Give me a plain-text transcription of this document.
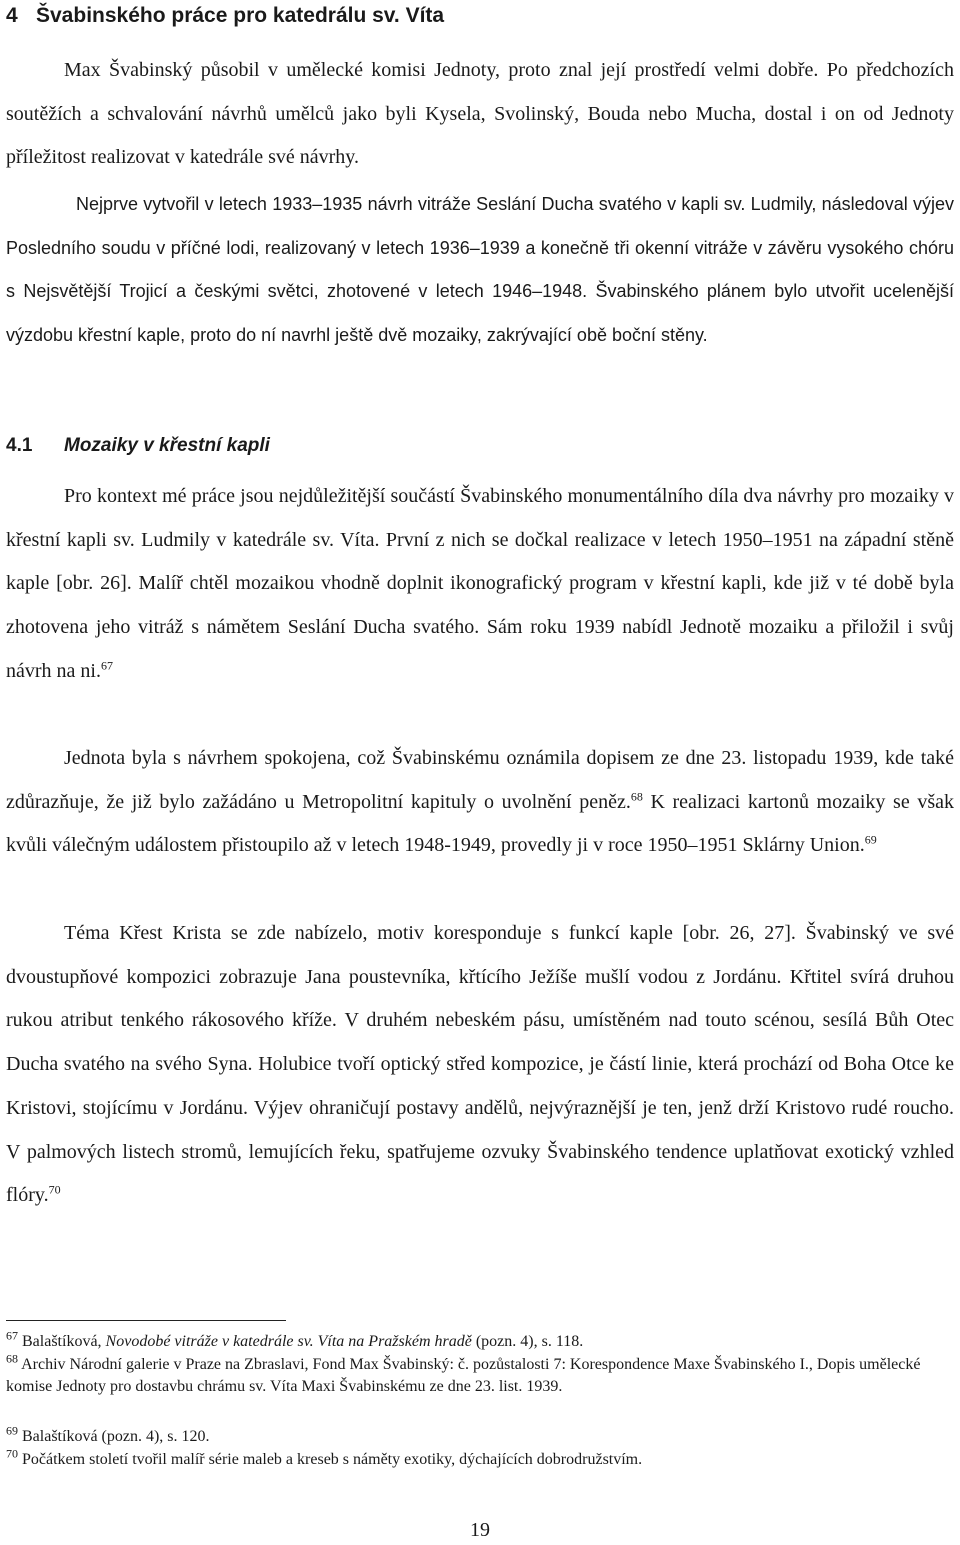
4 Švabinského práce pro katedrálu sv. Víta

Max Švabinský působil v umělecké komisi Jednoty, proto znal její prostředí velmi dobře. Po předchozích soutěžích a schvalování návrhů umělců jako byli Kysela, Svolinský, Bouda nebo Mucha, dostal i on od Jednoty příležitost realizovat v katedrále své návrhy.

Nejprve vytvořil v letech 1933–1935 návrh vitráže Seslání Ducha svatého v kapli sv. Ludmily, následoval výjev Posledního soudu v příčné lodi, realizovaný v letech 1936–1939 a konečně tři okenní vitráže v závěru vysokého chóru s Nejsvětější Trojicí a českými světci, zhotovené v letech 1946–1948. Švabinského plánem bylo utvořit ucelenější výzdobu křestní kaple, proto do ní navrhl ještě dvě mozaiky, zakrývající obě boční stěny.

4.1 Mozaiky v křestní kapli

Pro kontext mé práce jsou nejdůležitější součástí Švabinského monumentálního díla dva návrhy pro mozaiky v křestní kapli sv. Ludmily v katedrále sv. Víta. První z nich se dočkal realizace v letech 1950–1951 na západní stěně kaple [obr. 26]. Malíř chtěl mozaikou vhodně doplnit ikonografický program v křestní kapli, kde již v té době byla zhotovena jeho vitráž s námětem Seslání Ducha svatého. Sám roku 1939 nabídl Jednotě mozaiku a přiložil i svůj návrh na ni.$^{67}$

Jednota byla s návrhem spokojena, což Švabinskému oznámila dopisem ze dne 23. listopadu 1939, kde také zdůrazňuje, že již bylo zažádáno u Metropolitní kapituly o uvolnění peněz.$^{68}$ K realizaci kartonů mozaiky se však kvůli válečným událostem přistoupilo až v letech 1948-1949, provedly ji v roce 1950–1951 Sklárny Union.$^{69}$

Téma Křest Krista se zde nabízelo, motiv koresponduje s funkcí kaple [obr. 26, 27]. Švabinský ve své dvoustupňové kompozici zobrazuje Jana poustevníka, křtícího Ježíše mušlí vodou z Jordánu. Křtitel svírá druhou rukou atribut tenkého rákosového kříže. V druhém nebeském pásu, umístěném nad touto scénou, sesílá Bůh Otec Ducha svatého na svého Syna. Holubice tvoří optický střed kompozice, je částí linie, která prochází od Boha Otce ke Kristovi, stojícímu v Jordánu. Výjev ohraničují postavy andělů, nejvýraznější je ten, jenž drží Kristovo rudé roucho. V palmových listech stromů, lemujících řeku, spatřujeme ozvuky Švabinského tendence uplatňovat exotický vzhled flóry.$^{70}$

$^{67}$ Balaštíková, Novodobé vitráže v katedrále sv. Víta na Pražském hradě (pozn. 4), s. 118.

$^{68}$ Archiv Národní galerie v Praze na Zbraslavi, Fond Max Švabinský: č. pozůstalosti 7: Korespondence Maxe Švabinského I., Dopis umělecké komise Jednoty pro dostavbu chrámu sv. Víta Maxi Švabinskému ze dne 23. list. 1939.

$^{69}$ Balaštíková (pozn. 4), s. 120.

$^{70}$ Počátkem století tvořil malíř série maleb a kreseb s náměty exotiky, dýchajících dobrodružstvím.

19
